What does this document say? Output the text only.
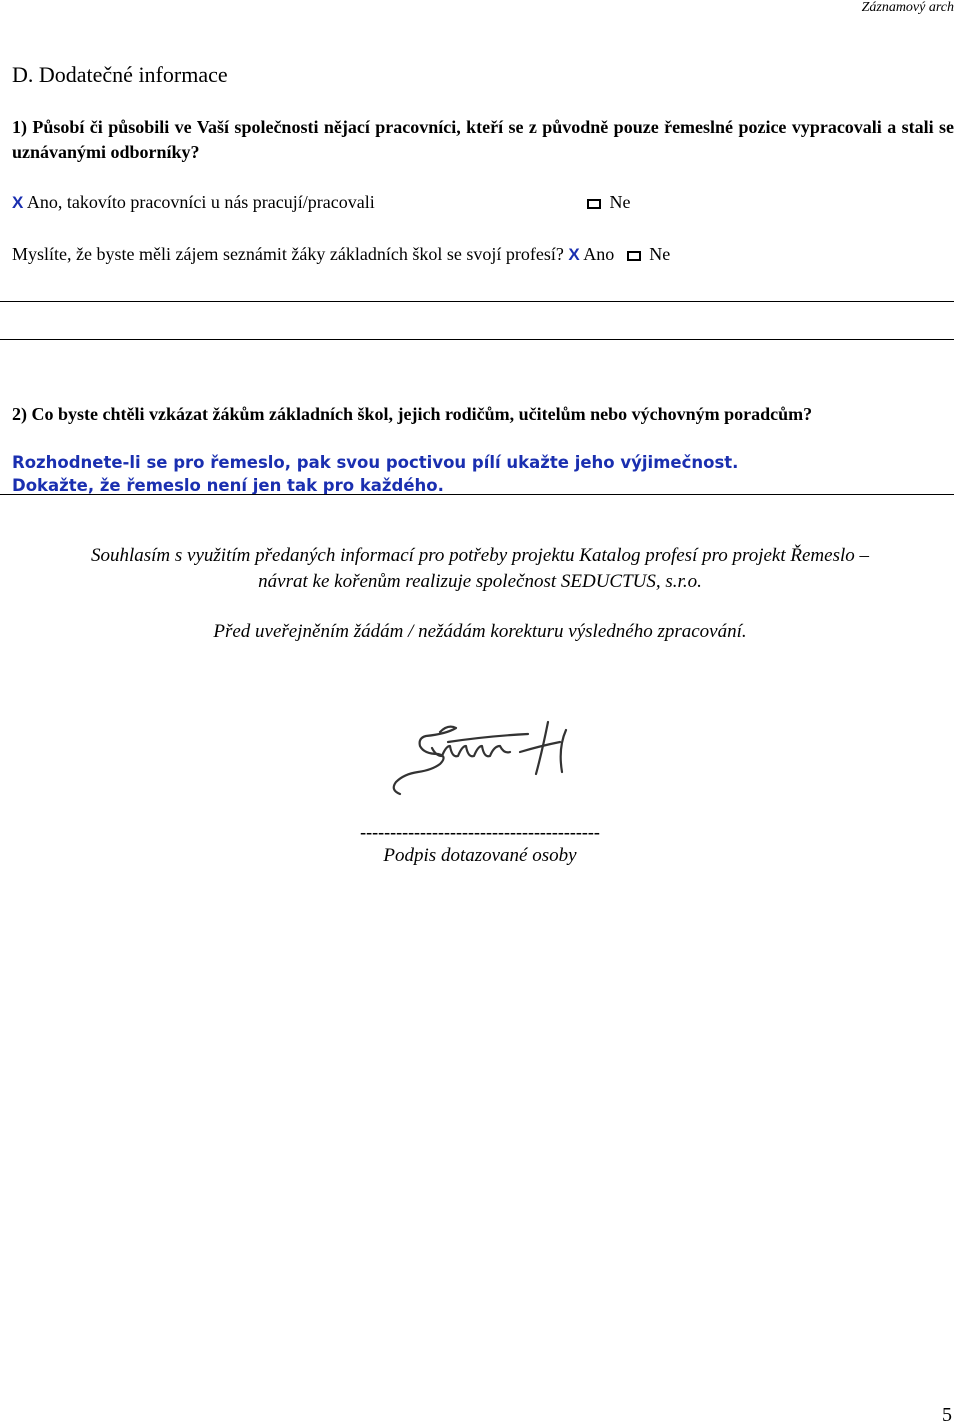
Záznamový arch
D. Dodatečné informace
1) Působí či působili ve Vaší společnosti nějací pracovníci, kteří se z původně pouze řemeslné pozice vypracovali a stali se uznávanými odborníky?
X Ano, takovíto pracovníci u nás pracují/pracovali	Ne
Myslíte, že byste měli zájem seznámit žáky základních škol se svojí profesí? X Ano Ne
2) Co byste chtěli vzkázat žákům základních škol, jejich rodičům, učitelům nebo výchovným poradcům?
Rozhodnete-li se pro řemeslo, pak svou poctivou pílí ukažte jeho výjimečnost.
Dokažte, že řemeslo není jen tak pro každého.
Souhlasím s využitím předaných informací pro potřeby projektu Katalog profesí pro projekt Řemeslo –
návrat ke kořenům realizuje společnost SEDUCTUS, s.r.o.
Před uveřejněním žádám / nežádám korekturu výsledného zpracování.
----------------------------------------
Podpis dotazované osoby
5
